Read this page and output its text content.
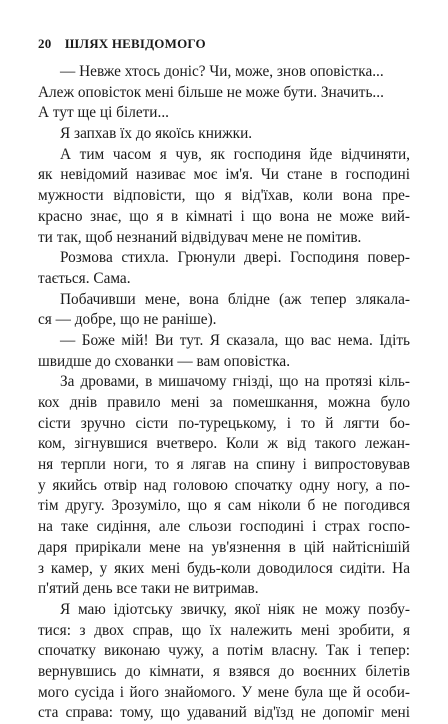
20 ШЛЯХ НЕВІДОМОГО
— Невже хтось доніс? Чи, може, знов оповістка...
Алеж оповісток мені більше не може бути. Значить...
А тут ще ці білети...
Я запхав їх до якоїсь книжки.
А тим часом я чув, як господиня йде відчиняти,
як невідомий називає моє ім'я. Чи стане в господині
мужности відповісти, що я від'їхав, коли вона пре-
красно знає, що я в кімнаті і що вона не може вий-
ти так, щоб незнаний відвідувач мене не помітив.
Розмова стихла. Грюнули двері. Господиня повер-
тається. Сама.
Побачивши мене, вона блідне (аж тепер злякала-
ся — добре, що не раніше).
— Боже мій! Ви тут. Я сказала, що вас нема. Ідіть
швидше до схованки — вам оповістка.
За дровами, в мишачому гнізді, що на протязі кіль-
кох днів правило мені за помешкання, можна було
сісти зручно сісти по-турецькому, і то й лягти бо-
ком, зігнувшися вчетверо. Коли ж від такого лежан-
ня терпли ноги, то я лягав на спину і випростовував
у якийсь отвір над головою спочатку одну ногу, а по-
тім другу. Зрозуміло, що я сам ніколи б не погодився
на таке сидіння, але сльози господині і страх госпо-
даря прирікали мене на ув'язнення в цій найтіснішій
з камер, у яких мені будь-коли доводилося сидіти. На
п'ятий день все таки не витримав.
Я маю ідіотську звичку, якої ніяк не можу позбу-
тися: з двох справ, що їх належить мені зробити, я
спочатку виконаю чужу, а потім власну. Так і тепер:
вернувшись до кімнати, я взявся до воєнних білетів
мого сусіда і його знайомого. У мене була ще й особи-
ста справа: тому, що удаваний від'їзд не допоміг мені
